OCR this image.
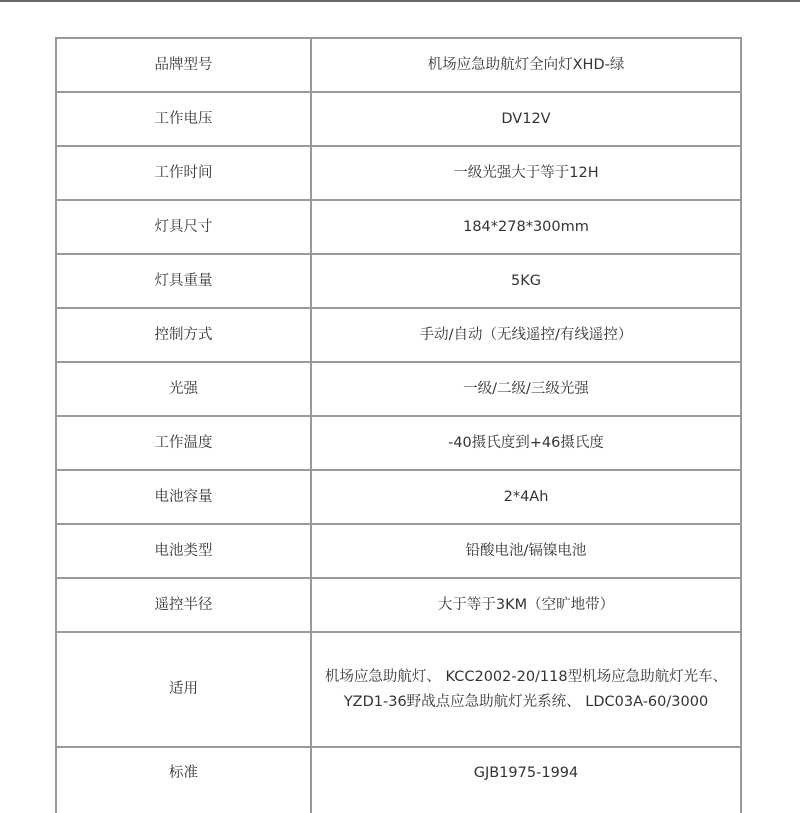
品牌型号	机场应急助航灯全向灯XHD-绿
工作电压	DV12V
工作时间	一级光强大于等于12H
灯具尺寸	184*278*300mm
灯具重量	5KG
控制方式	手动/自动（无线遥控/有线遥控）
光强	一级/二级/三级光强
工作温度	-40摄氏度到+46摄氏度
电池容量	2*4Ah
电池类型	铅酸电池/镉镍电池
遥控半径	大于等于3KM（空旷地带）
适用	机场应急助航灯、 KCC2002-20/118型机场应急助航灯光车、 YZD1-36野战点应急助航灯光系统、 LDC03A-60/3000
标准	GJB1975-1994
